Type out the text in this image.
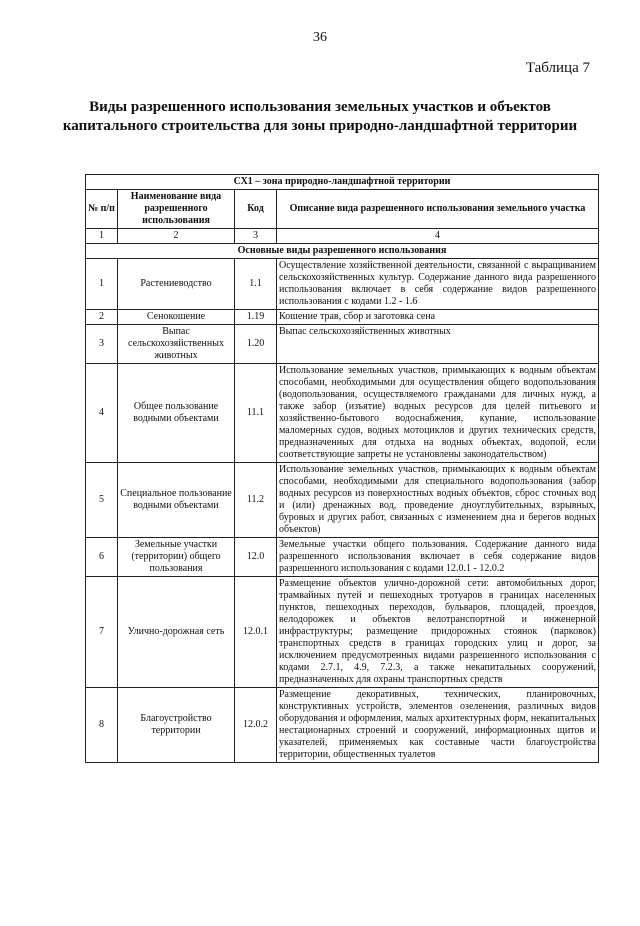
36
Таблица 7
Виды разрешенного использования земельных участков и объектов капитального строительства для зоны природно-ландшафтной территории
СХ1 – зона природно-ландшафтной территории			
№ п/п	Наименование вида разрешенного использования	Код	Описание вида разрешенного использования земельного участка
1	2	3	4
Основные виды разрешенного использования			
1	Растениеводство	1.1	Осуществление хозяйственной деятельности, связанной с выращиванием сельскохозяйственных культур. Содержание данного вида разрешенного использования включает в себя содержание видов разрешенного использования с кодами 1.2 - 1.6
2	Сенокошение	1.19	Кошение трав, сбор и заготовка сена
3	Выпас сельскохозяйственных животных	1.20	Выпас сельскохозяйственных животных
4	Общее пользование водными объектами	11.1	Использование земельных участков, примыкающих к водным объектам способами, необходимыми для осуществления общего водопользования (водопользования, осуществляемого гражданами для личных нужд, а также забор (изъятие) водных ресурсов для целей питьевого и хозяйственно-бытового водоснабжения, купание, использование маломерных судов, водных мотоциклов и других технических средств, предназначенных для отдыха на водных объектах, водопой, если соответствующие запреты не установлены законодательством)
5	Специальное пользование водными объектами	11.2	Использование земельных участков, примыкающих к водным объектам способами, необходимыми для специального водопользования (забор водных ресурсов из поверхностных водных объектов, сброс сточных вод и (или) дренажных вод, проведение дноуглубительных, взрывных, буровых и других работ, связанных с изменением дна и берегов водных объектов)
6	Земельные участки (территории) общего пользования	12.0	Земельные участки общего пользования. Содержание данного вида разрешенного использования включает в себя содержание видов разрешенного использования с кодами 12.0.1 - 12.0.2
7	Улично-дорожная сеть	12.0.1	Размещение объектов улично-дорожной сети: автомобильных дорог, трамвайных путей и пешеходных тротуаров в границах населенных пунктов, пешеходных переходов, бульваров, площадей, проездов, велодорожек и объектов велотранспортной и инженерной инфраструктуры; размещение придорожных стоянок (парковок) транспортных средств в границах городских улиц и дорог, за исключением предусмотренных видами разрешенного использования с кодами 2.7.1, 4.9, 7.2.3, а также некапитальных сооружений, предназначенных для охраны транспортных средств
8	Благоустройство территории	12.0.2	Размещение декоративных, технических, планировочных, конструктивных устройств, элементов озеленения, различных видов оборудования и оформления, малых архитектурных форм, некапитальных нестационарных строений и сооружений, информационных щитов и указателей, применяемых как составные части благоустройства территории, общественных туалетов
